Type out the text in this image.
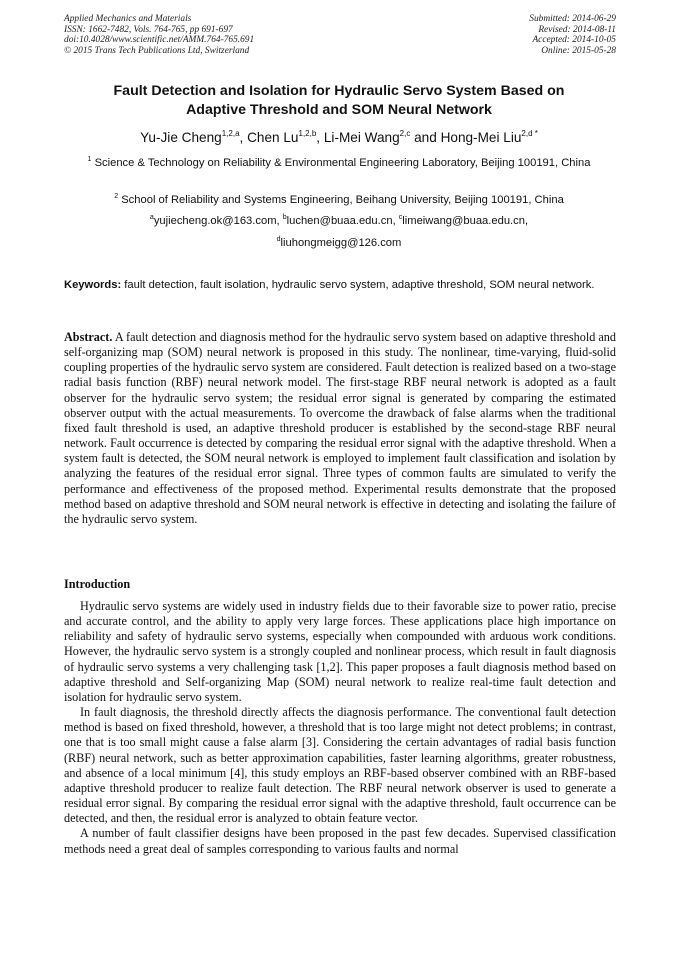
Applied Mechanics and Materials
ISSN: 1662-7482, Vols. 764-765, pp 691-697
doi:10.4028/www.scientific.net/AMM.764-765.691
© 2015 Trans Tech Publications Ltd, Switzerland
Submitted: 2014-06-29
Revised: 2014-08-11
Accepted: 2014-10-05
Online: 2015-05-28
Fault Detection and Isolation for Hydraulic Servo System Based on
Adaptive Threshold and SOM Neural Network
Yu-Jie Cheng$^{1,2,a}$, Chen Lu$^{1,2,b}$, Li-Mei Wang$^{2,c}$ and Hong-Mei Liu$^{2,d *}$
$^1$ Science & Technology on Reliability & Environmental Engineering Laboratory, Beijing 100191, China
$^2$ School of Reliability and Systems Engineering, Beihang University, Beijing 100191, China
$^a$yujiecheng.ok@163.com, $^b$luchen@buaa.edu.cn, $^c$limeiwang@buaa.edu.cn,
$^d$liuhongmeigg@126.com
Keywords: fault detection, fault isolation, hydraulic servo system, adaptive threshold, SOM neural network.
Abstract. A fault detection and diagnosis method for the hydraulic servo system based on adaptive threshold and self-organizing map (SOM) neural network is proposed in this study. The nonlinear, time-varying, fluid-solid coupling properties of the hydraulic servo system are considered. Fault detection is realized based on a two-stage radial basis function (RBF) neural network model. The first-stage RBF neural network is adopted as a fault observer for the hydraulic servo system; the residual error signal is generated by comparing the estimated observer output with the actual measurements. To overcome the drawback of false alarms when the traditional fixed fault threshold is used, an adaptive threshold producer is established by the second-stage RBF neural network. Fault occurrence is detected by comparing the residual error signal with the adaptive threshold. When a system fault is detected, the SOM neural network is employed to implement fault classification and isolation by analyzing the features of the residual error signal. Three types of common faults are simulated to verify the performance and effectiveness of the proposed method. Experimental results demonstrate that the proposed method based on adaptive threshold and SOM neural network is effective in detecting and isolating the failure of the hydraulic servo system.
Introduction

Hydraulic servo systems are widely used in industry fields due to their favorable size to power ratio, precise and accurate control, and the ability to apply very large forces. These applications place high importance on reliability and safety of hydraulic servo systems, especially when compounded with arduous work conditions. However, the hydraulic servo system is a strongly coupled and nonlinear process, which result in fault diagnosis of hydraulic servo systems a very challenging task [1,2]. This paper proposes a fault diagnosis method based on adaptive threshold and Self-organizing Map (SOM) neural network to realize real-time fault detection and isolation for hydraulic servo system.

In fault diagnosis, the threshold directly affects the diagnosis performance. The conventional fault detection method is based on fixed threshold, however, a threshold that is too large might not detect problems; in contrast, one that is too small might cause a false alarm [3]. Considering the certain advantages of radial basis function (RBF) neural network, such as better approximation capabilities, faster learning algorithms, greater robustness, and absence of a local minimum [4], this study employs an RBF-based observer combined with an RBF-based adaptive threshold producer to realize fault detection. The RBF neural network observer is used to generate a residual error signal. By comparing the residual error signal with the adaptive threshold, fault occurrence can be detected, and then, the residual error is analyzed to obtain feature vector.

A number of fault classifier designs have been proposed in the past few decades. Supervised classification methods need a great deal of samples corresponding to various faults and normal
